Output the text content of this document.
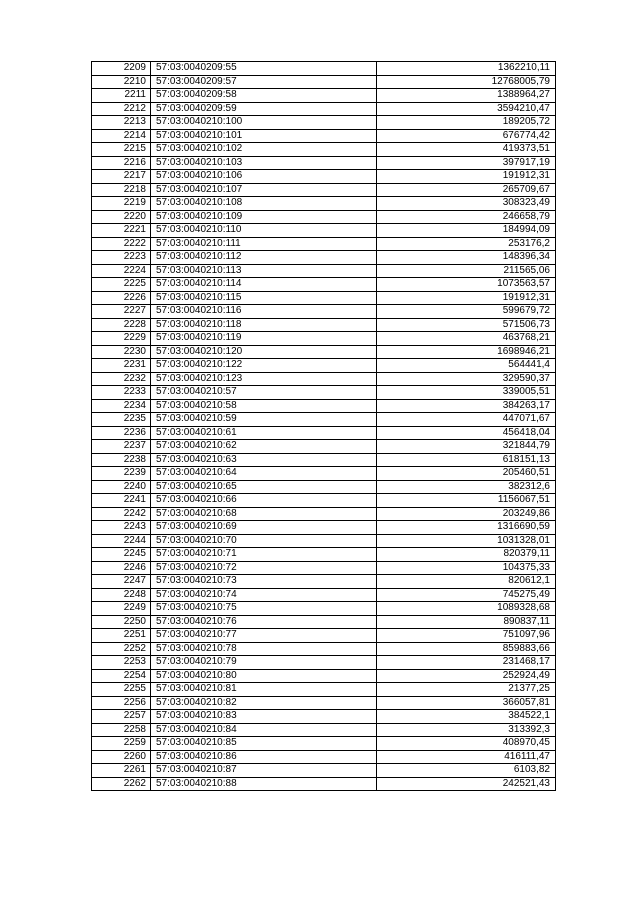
2209	57:03:0040209:55	1362210,11
2210	57:03:0040209:57	12768005,79
2211	57:03:0040209:58	1388964,27
2212	57:03:0040209:59	3594210,47
2213	57:03:0040210:100	189205,72
2214	57:03:0040210:101	676774,42
2215	57:03:0040210:102	419373,51
2216	57:03:0040210:103	397917,19
2217	57:03:0040210:106	191912,31
2218	57:03:0040210:107	265709,67
2219	57:03:0040210:108	308323,49
2220	57:03:0040210:109	246658,79
2221	57:03:0040210:110	184994,09
2222	57:03:0040210:111	253176,2
2223	57:03:0040210:112	148396,34
2224	57:03:0040210:113	211565,06
2225	57:03:0040210:114	1073563,57
2226	57:03:0040210:115	191912,31
2227	57:03:0040210:116	599679,72
2228	57:03:0040210:118	571506,73
2229	57:03:0040210:119	463768,21
2230	57:03:0040210:120	1698946,21
2231	57:03:0040210:122	564441,4
2232	57:03:0040210:123	329590,37
2233	57:03:0040210:57	339005,51
2234	57:03:0040210:58	384263,17
2235	57:03:0040210:59	447071,67
2236	57:03:0040210:61	456418,04
2237	57:03:0040210:62	321844,79
2238	57:03:0040210:63	618151,13
2239	57:03:0040210:64	205460,51
2240	57:03:0040210:65	382312,6
2241	57:03:0040210:66	1156067,51
2242	57:03:0040210:68	203249,86
2243	57:03:0040210:69	1316690,59
2244	57:03:0040210:70	1031328,01
2245	57:03:0040210:71	820379,11
2246	57:03:0040210:72	104375,33
2247	57:03:0040210:73	820612,1
2248	57:03:0040210:74	745275,49
2249	57:03:0040210:75	1089328,68
2250	57:03:0040210:76	890837,11
2251	57:03:0040210:77	751097,96
2252	57:03:0040210:78	859883,66
2253	57:03:0040210:79	231468,17
2254	57:03:0040210:80	252924,49
2255	57:03:0040210:81	21377,25
2256	57:03:0040210:82	366057,81
2257	57:03:0040210:83	384522,1
2258	57:03:0040210:84	313392,3
2259	57:03:0040210:85	408970,45
2260	57:03:0040210:86	416111,47
2261	57:03:0040210:87	6103,82
2262	57:03:0040210:88	242521,43
